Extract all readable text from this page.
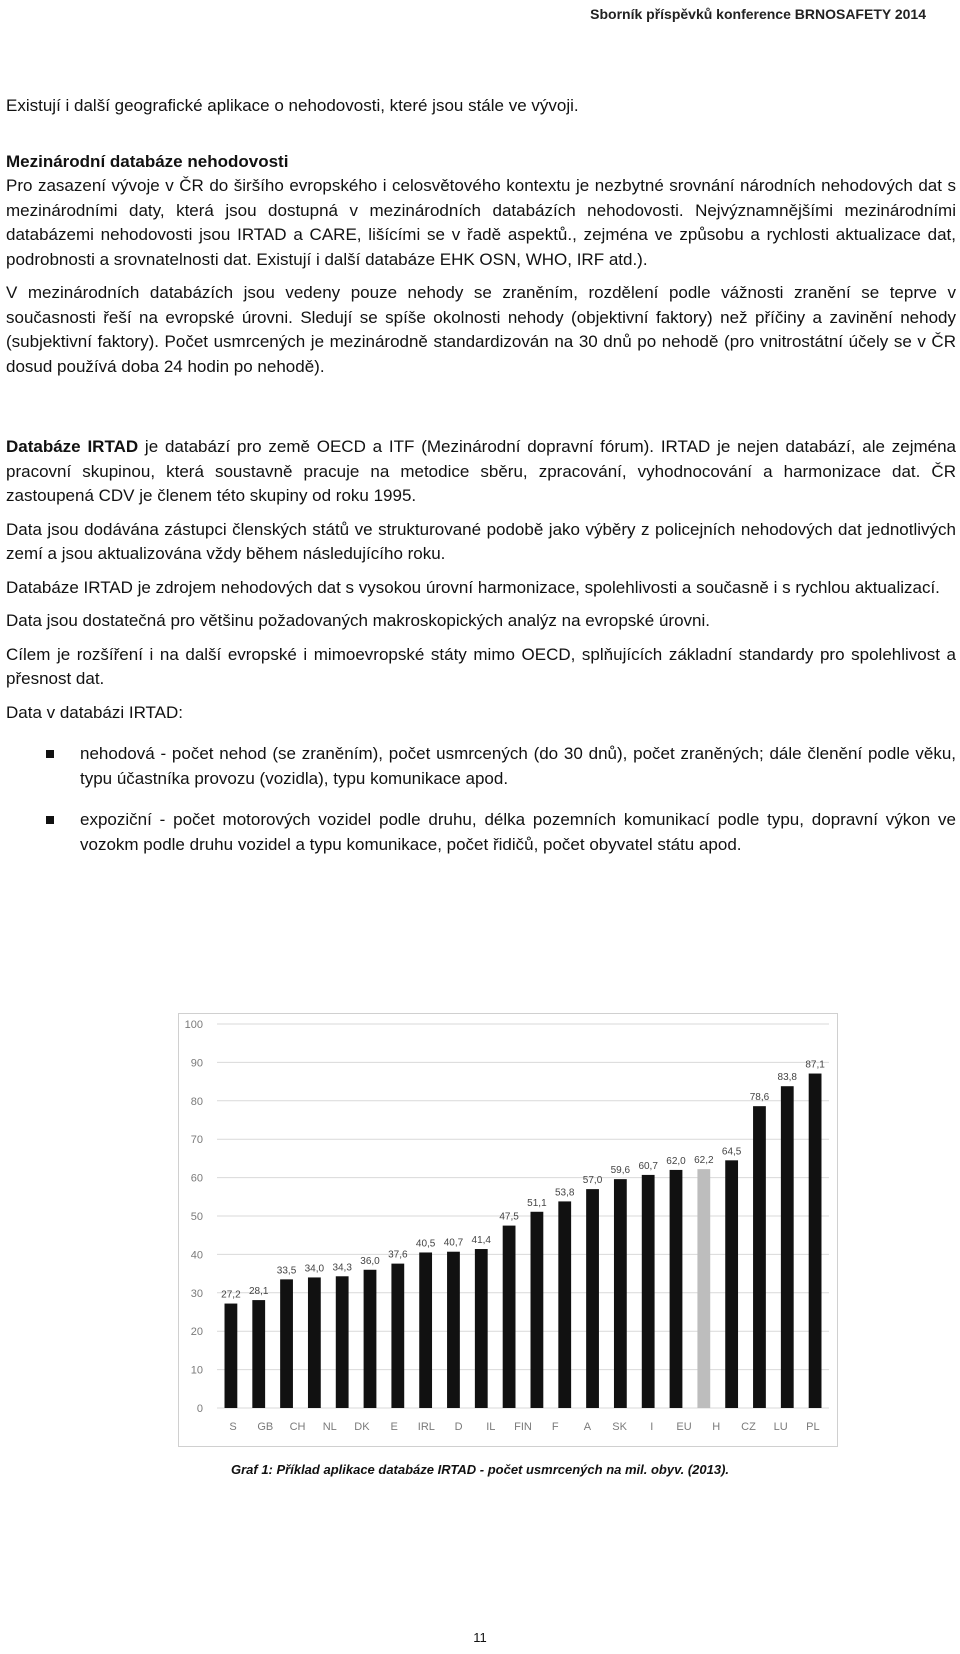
Sborník příspěvků konference BRNOSAFETY 2014

Existují i další geografické aplikace o nehodovosti, které jsou stále ve vývoji.

Mezinárodní databáze nehodovosti

Pro zasazení vývoje v ČR do širšího evropského i celosvětového kontextu je nezbytné srovnání národních nehodových dat s mezinárodními daty, která jsou dostupná v mezinárodních databázích nehodovosti. Nejvýznamnějšími mezinárodními databázemi nehodovosti jsou IRTAD a CARE, lišícími se v řadě aspektů., zejména ve způsobu a rychlosti aktualizace dat, podrobnosti a srovnatelnosti dat. Existují i další databáze EHK OSN, WHO, IRF atd.).

V mezinárodních databázích jsou vedeny pouze nehody se zraněním, rozdělení podle vážnosti zranění se teprve v současnosti řeší na evropské úrovni. Sledují se spíše okolnosti nehody (objektivní faktory) než příčiny a zavinění nehody (subjektivní faktory). Počet usmrcených je mezinárodně standardizován na 30 dnů po nehodě (pro vnitrostátní účely se v ČR dosud používá doba 24 hodin po nehodě).

Databáze IRTAD je databází pro země OECD a ITF (Mezinárodní dopravní fórum). IRTAD je nejen databází, ale zejména pracovní skupinou, která soustavně pracuje na metodice sběru, zpracování, vyhodnocování a harmonizace dat. ČR zastoupená CDV je členem této skupiny od roku 1995.

Data jsou dodávána zástupci členských států ve strukturované podobě jako výběry z policejních nehodových dat jednotlivých zemí a jsou aktualizována vždy během následujícího roku.

Databáze IRTAD je zdrojem nehodových dat s vysokou úrovní harmonizace, spolehlivosti a současně i s rychlou aktualizací.

Data jsou dostatečná pro většinu požadovaných makroskopických analýz na evropské úrovni.

Cílem je rozšíření i na další evropské i mimoevropské státy mimo OECD, splňujících základní standardy pro spolehlivost a přesnost dat.

Data v databázi IRTAD:

nehodová - počet nehod (se zraněním), počet usmrcených (do 30 dnů), počet zraněných; dále členění podle věku, typu účastníka provozu (vozidla), typu komunikace apod.
expoziční - počet motorových vozidel podle druhu, délka pozemních komunikací podle typu, dopravní výkon ve vozokm podle druhu vozidel a typu komunikace, počet řidičů, počet obyvatel státu apod.
0
10
20
30
40
50
60
70
80
90
100
27,2 28,1
33,5 34,0 34,3
36,0
37,6
40,5 40,7 41,4
47,5
51,1
53,8
57,0
59,6 60,7 62,0 62,2
64,5
78,6
83,8
87,1
S GB CH NL DK E IRL D IL FIN F A SK I EU H CZ LU PL
Graf 1: Příklad aplikace databáze IRTAD - počet usmrcených na mil. obyv. (2013).
11
